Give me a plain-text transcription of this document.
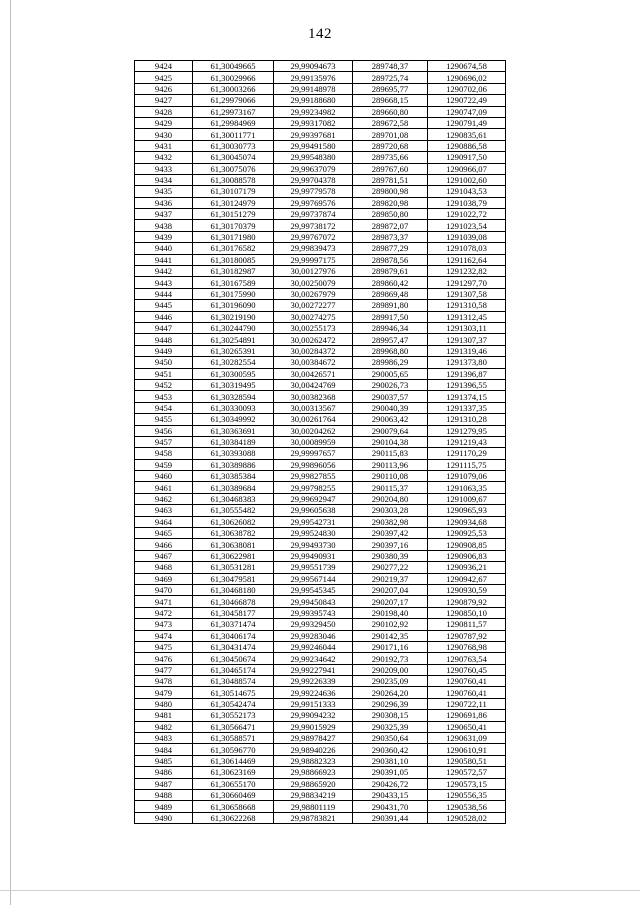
142
9424	61,30049665	29,99094673	289748,37	1290674,58
9425	61,30029966	29,99135976	289725,74	1290696,02
9426	61,30003266	29,99148978	289695,77	1290702,06
9427	61,29979066	29,99188680	289668,15	1290722,49
9428	61,29973167	29,99234982	289660,80	1290747,09
9429	61,29984969	29,99317082	289672,58	1290791,49
9430	61,30011771	29,99397681	289701,08	1290835,61
9431	61,30030773	29,99491580	289720,68	1290886,58
9432	61,30045074	29,99548380	289735,66	1290917,50
9433	61,30075076	29,99637079	289767,60	1290966,07
9434	61,30088578	29,99704378	289781,51	1291002,60
9435	61,30107179	29,99779578	289800,98	1291043,53
9436	61,30124979	29,99769576	289820,98	1291038,79
9437	61,30151279	29,99737874	289850,80	1291022,72
9438	61,30170379	29,99738172	289872,07	1291023,54
9439	61,30171980	29,99767072	289873,37	1291039,08
9440	61,30176582	29,99839473	289877,29	1291078,03
9441	61,30180085	29,99997175	289878,56	1291162,64
9442	61,30182987	30,00127976	289879,61	1291232,82
9443	61,30167589	30,00250079	289860,42	1291297,70
9444	61,30175990	30,00267979	289869,48	1291307,58
9445	61,30196090	30,00272277	289891,80	1291310,58
9446	61,30219190	30,00274275	289917,50	1291312,45
9447	61,30244790	30,00255173	289946,34	1291303,11
9448	61,30254891	30,00262472	289957,47	1291307,37
9449	61,30265391	30,00284372	289968,80	1291319,46
9450	61,30282554	30,00384672	289986,29	1291373,80
9451	61,30300595	30,00426571	290005,65	1291396,87
9452	61,30319495	30,00424769	290026,73	1291396,55
9453	61,30328594	30,00382368	290037,57	1291374,15
9454	61,30330093	30,00313567	290040,39	1291337,35
9455	61,30349992	30,00261764	290063,42	1291310,28
9456	61,30363691	30,00204262	290079,64	1291279,95
9457	61,30384189	30,00089959	290104,38	1291219,43
9458	61,30393088	29,99997657	290115,83	1291170,29
9459	61,30389886	29,99896056	290113,96	1291115,75
9460	61,30385384	29,99827855	290110,08	1291079,06
9461	61,30389684	29,99798255	290115,37	1291063,35
9462	61,30468383	29,99692947	290204,80	1291009,67
9463	61,30555482	29,99605638	290303,28	1290965,93
9464	61,30626082	29,99542731	290382,98	1290934,68
9465	61,30638782	29,99524830	290397,42	1290925,53
9466	61,30638081	29,99493730	290397,16	1290908,85
9467	61,30622981	29,99490931	290380,39	1290906,83
9468	61,30531281	29,99551739	290277,22	1290936,21
9469	61,30479581	29,99567144	290219,37	1290942,67
9470	61,30468180	29,99545345	290207,04	1290930,59
9471	61,30466878	29,99450843	290207,17	1290879,92
9472	61,30458177	29,99395743	290198,40	1290850,10
9473	61,30371474	29,99329450	290102,92	1290811,57
9474	61,30406174	29,99283046	290142,35	1290787,92
9475	61,30431474	29,99246044	290171,16	1290768,98
9476	61,30450674	29,99234642	290192,73	1290763,54
9477	61,30465174	29,99227941	290209,00	1290760,45
9478	61,30488574	29,99226339	290235,09	1290760,41
9479	61,30514675	29,99224636	290264,20	1290760,41
9480	61,30542474	29,99151333	290296,39	1290722,11
9481	61,30552173	29,99094232	290308,15	1290691,86
9482	61,30566471	29,99015929	290325,39	1290650,41
9483	61,30588571	29,98978427	290350,64	1290631,09
9484	61,30596770	29,98940226	290360,42	1290610,91
9485	61,30614469	29,98882323	290381,10	1290580,51
9486	61,30623169	29,98866923	290391,05	1290572,57
9487	61,30655170	29,98865920	290426,72	1290573,15
9488	61,30660469	29,98834219	290433,15	1290556,35
9489	61,30658668	29,98801119	290431,70	1290538,56
9490	61,30622268	29,98783821	290391,44	1290528,02
